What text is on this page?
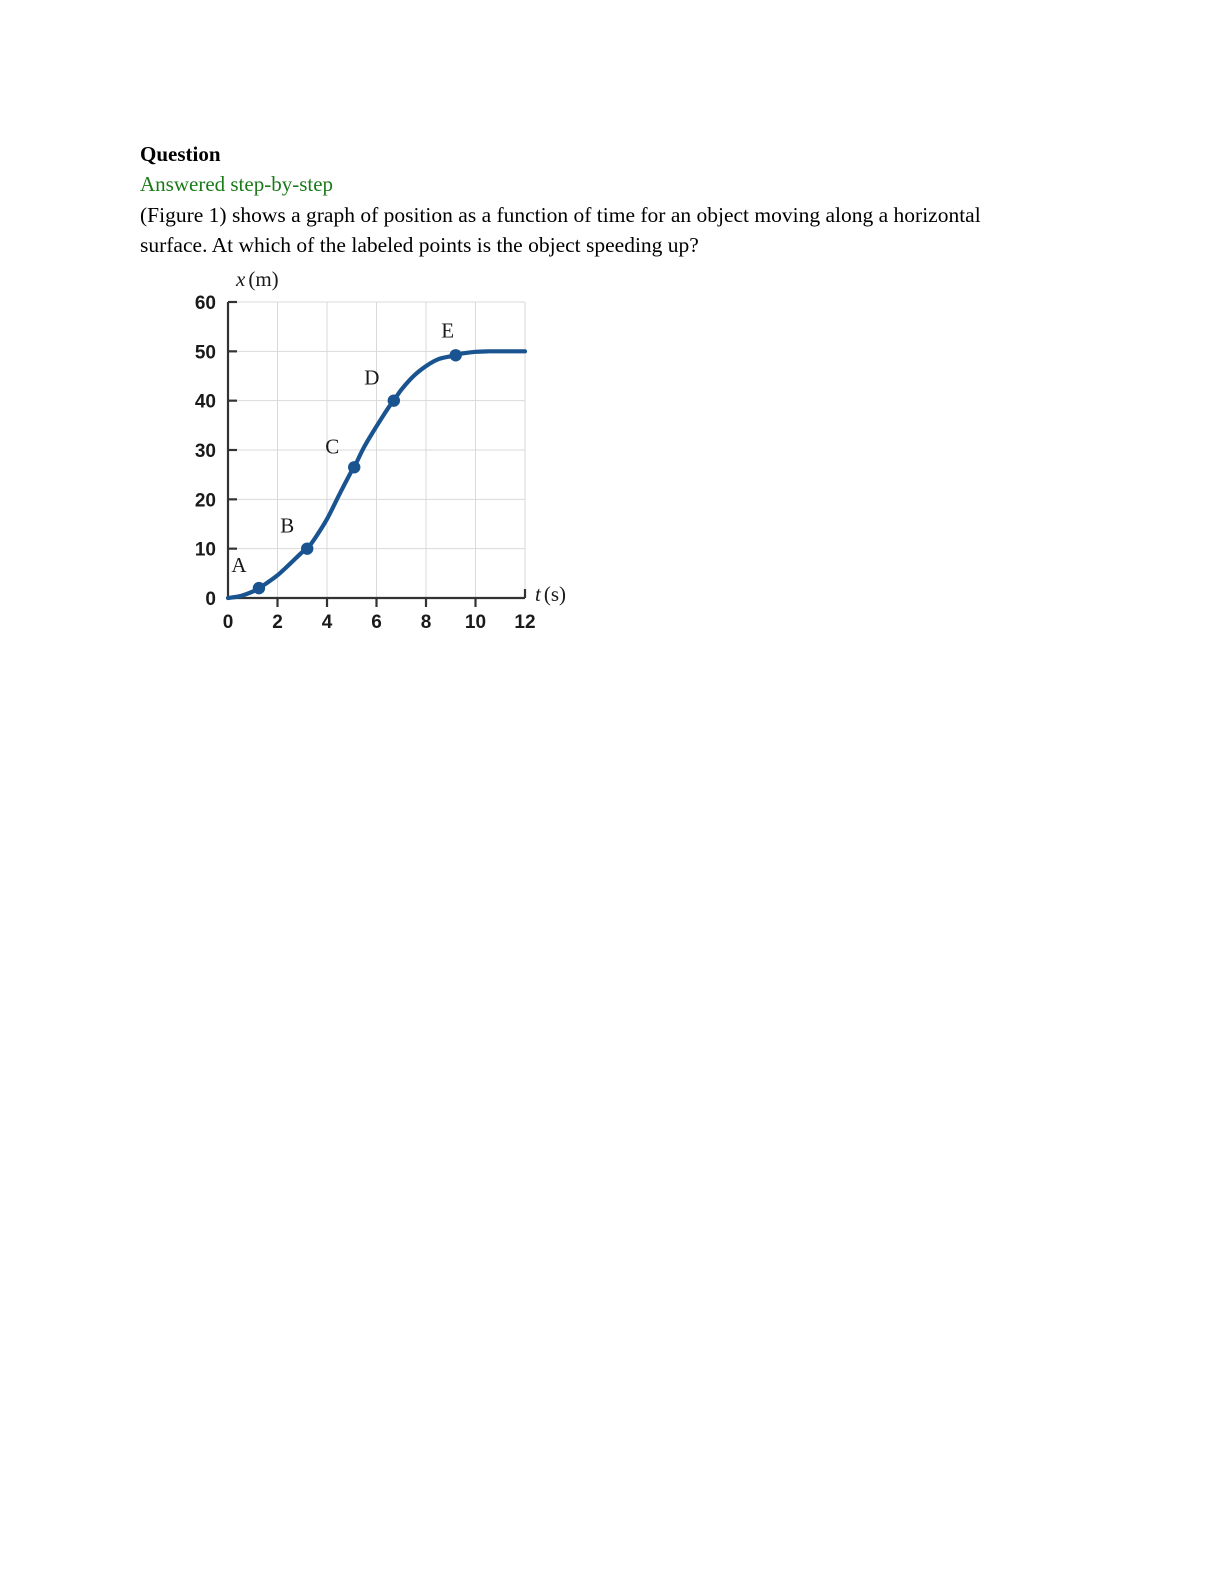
Question

Answered step-by-step

(Figure 1) shows a graph of position as a function of time for an object moving along a horizontal surface. At which of the labeled points is the object speeding up?

0 2 4 6 8 10 12
0
10
20
30
40
50
60
A
B
C
D
E
x (m)
t (s)
